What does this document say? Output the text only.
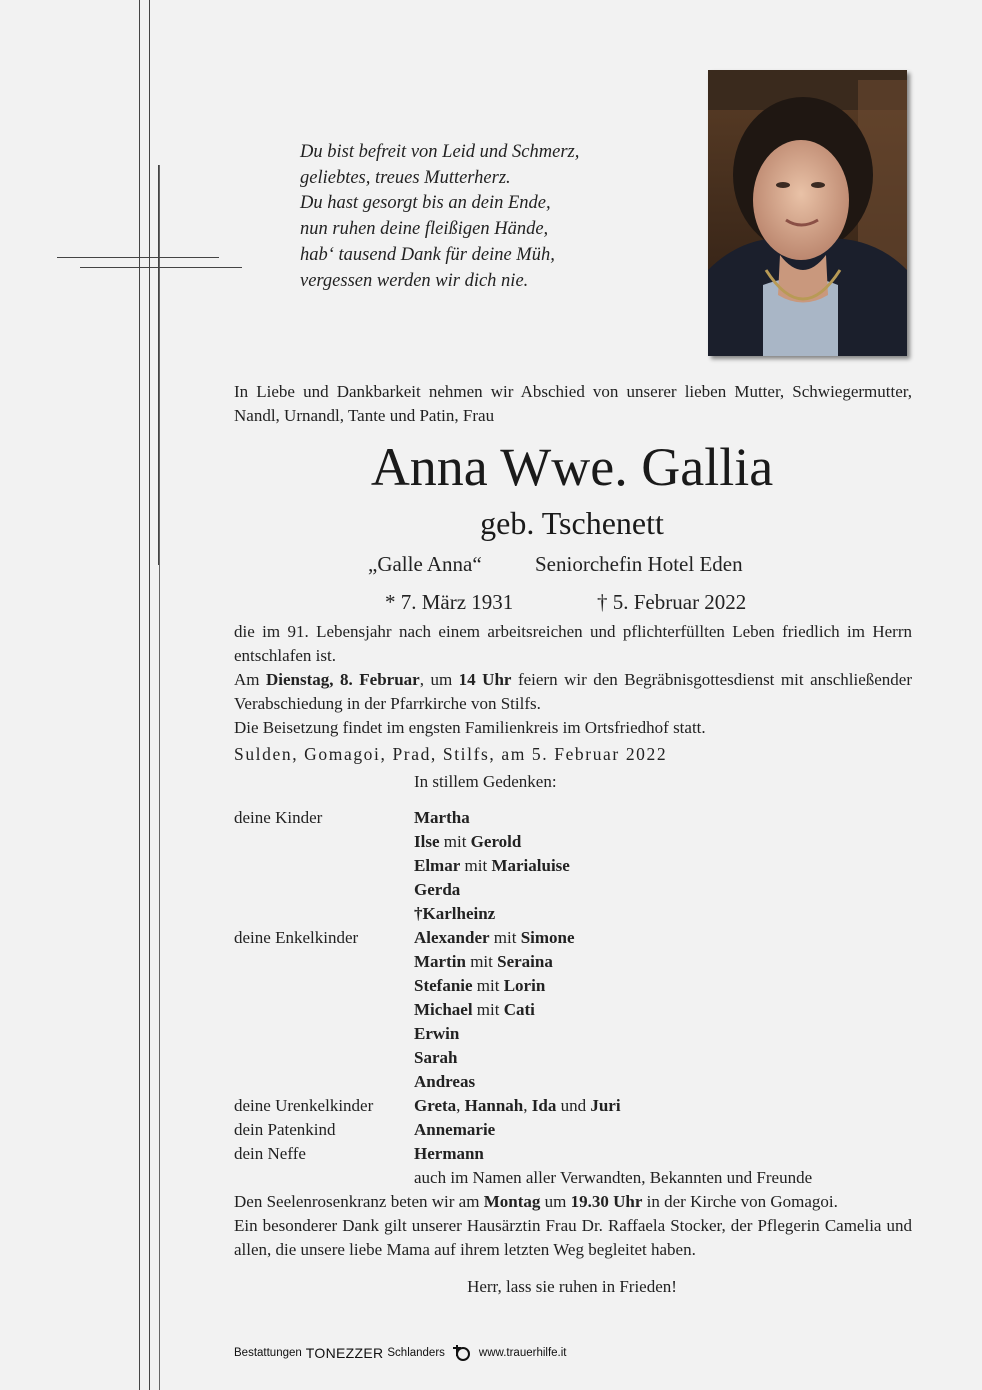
Du bist befreit von Leid und Schmerz,
geliebtes, treues Mutterherz.
Du hast gesorgt bis an dein Ende,
nun ruhen deine fleißigen Hände,
hab‘ tausend Dank für deine Müh,
vergessen werden wir dich nie.
In Liebe und Dankbarkeit nehmen wir Abschied von unserer lieben Mutter, Schwiegermutter, Nandl, Urnandl, Tante und Patin, Frau
Anna Wwe. Gallia
geb. Tschenett
„Galle Anna“	Seniorchefin Hotel Eden
* 7. März 1931	† 5. Februar 2022
die im 91. Lebensjahr nach einem arbeitsreichen und pflichterfüllten Leben friedlich im Herrn entschlafen ist.
Am Dienstag, 8. Februar, um 14 Uhr feiern wir den Begräbnisgottesdienst mit anschließender Verabschiedung in der Pfarrkirche von Stilfs.
Die Beisetzung findet im engsten Familienkreis im Ortsfriedhof statt.
Sulden, Gomagoi, Prad, Stilfs, am 5. Februar 2022
In stillem Gedenken:
deine Kinder	Martha
Ilse mit Gerold
Elmar mit Marialuise
Gerda
†Karlheinz
deine Enkelkinder	Alexander mit Simone
Martin mit Seraina
Stefanie mit Lorin
Michael mit Cati
Erwin
Sarah
Andreas
deine Urenkelkinder Greta, Hannah, Ida und Juri
dein Patenkind	Annemarie
dein Neffe	Hermann
auch im Namen aller Verwandten, Bekannten und Freunde
Den Seelenrosenkranz beten wir am Montag um 19.30 Uhr in der Kirche von Gomagoi.
Ein besonderer Dank gilt unserer Hausärztin Frau Dr. Raffaela Stocker, der Pflegerin Camelia und allen, die unsere liebe Mama auf ihrem letzten Weg begleitet haben.
Herr, lass sie ruhen in Frieden!
Bestattungen TONEZZER Schlanders	www.trauerhilfe.it
